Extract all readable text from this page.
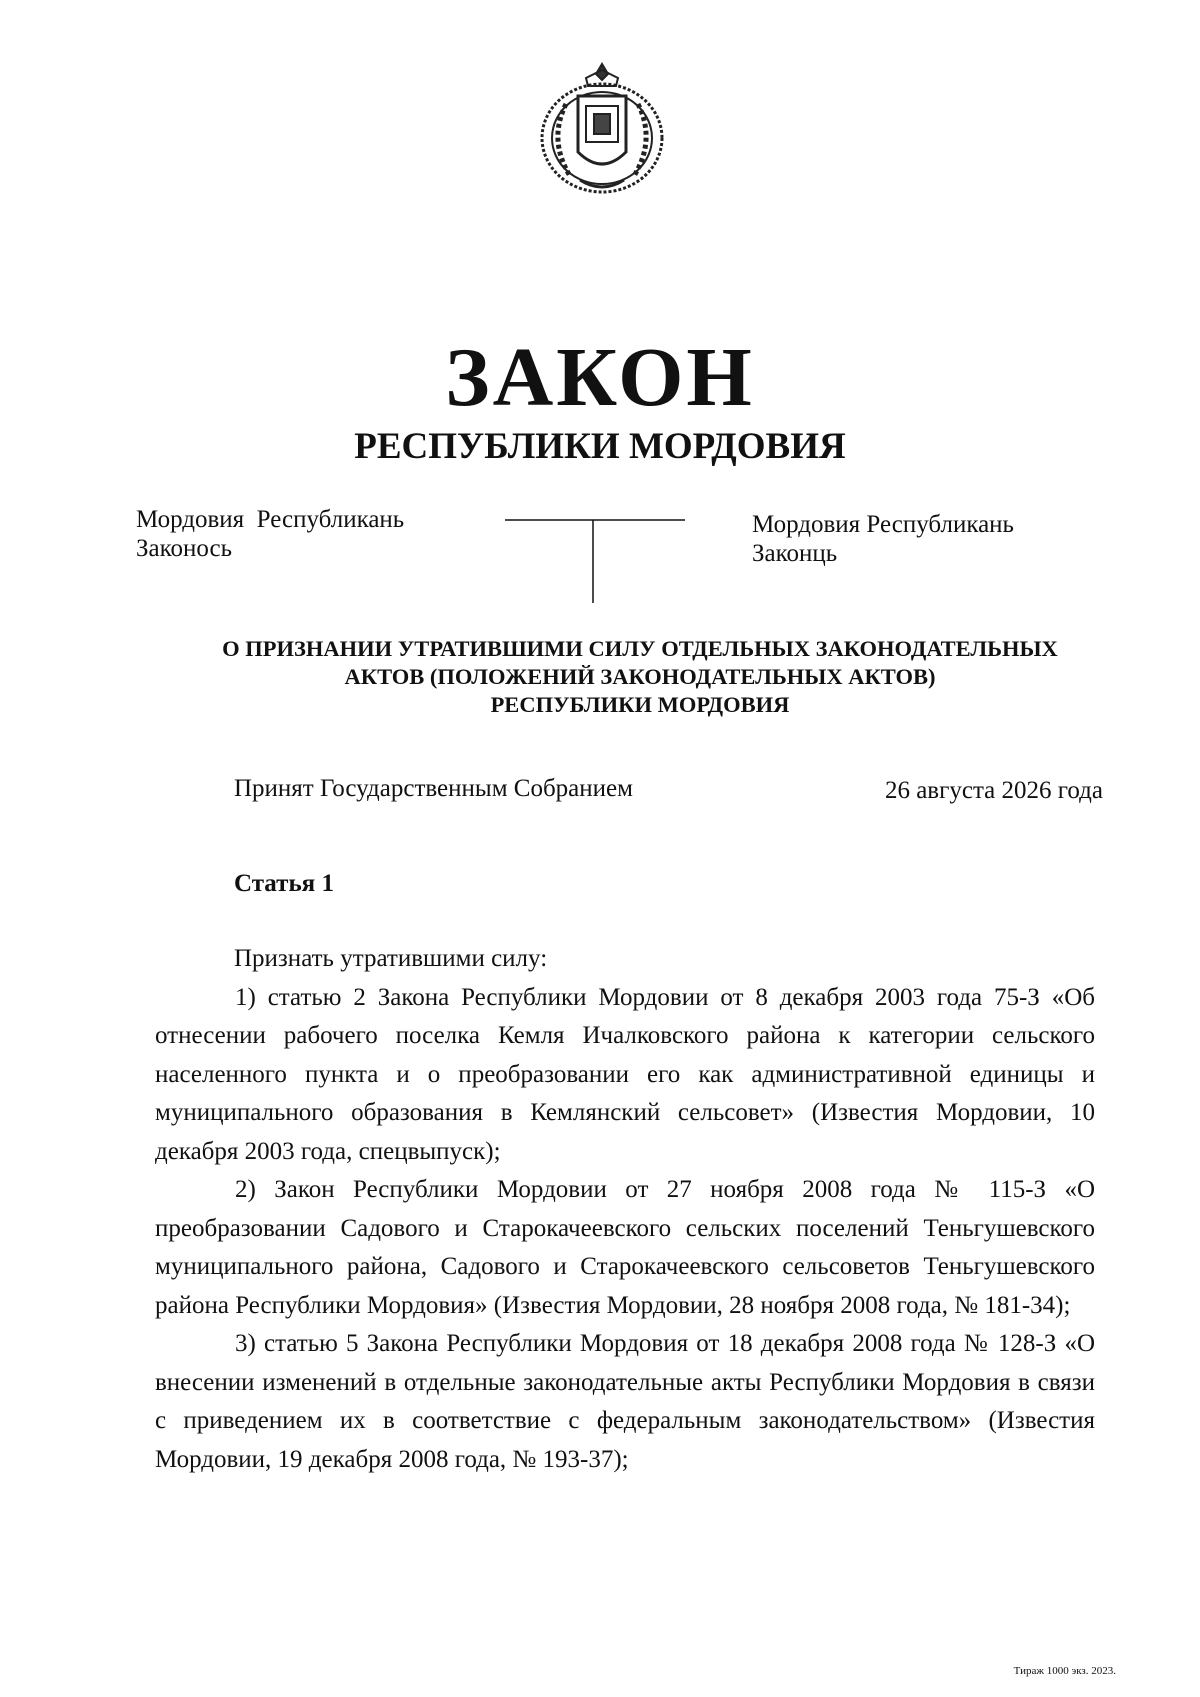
ЗАКОН
РЕСПУБЛИКИ МОРДОВИЯ
Мордовия  Республикань
Законось
Мордовия Республикань
Законць
О ПРИЗНАНИИ УТРАТИВШИМИ СИЛУ ОТДЕЛЬНЫХ ЗАКОНОДАТЕЛЬНЫХ
АКТОВ (ПОЛОЖЕНИЙ ЗАКОНОДАТЕЛЬНЫХ АКТОВ)
РЕСПУБЛИКИ МОРДОВИЯ
Принят Государственным Собранием	26 августа 2026 года
Статья 1

Признать утратившими силу:

1) статью 2 Закона Республики Мордовии от 8 декабря 2003 года 75-З «Об отнесении рабочего поселка Кемля Ичалковского района к категории сельского населенного пункта и о преобразовании его как административной единицы и муниципального образования в Кемлянский сельсовет» (Известия Мордовии, 10 декабря 2003 года, спецвыпуск);

2) Закон Республики Мордовии от 27 ноября 2008 года № 115-З «О преобразовании Садового и Старокачеевского сельских поселений Теньгушевского муниципального района, Садового и Старокачеевского сельсоветов Теньгушевского района Республики Мордовия» (Известия Мордовии, 28 ноября 2008 года, № 181-34);

3) статью 5 Закона Республики Мордовия от 18 декабря 2008 года № 128-З «О внесении изменений в отдельные законодательные акты Республики Мордовия в связи с приведением их в соответствие с федеральным законодательством» (Известия Мордовии, 19 декабря 2008 года, № 193-37);

Тираж 1000 экз. 2023.
